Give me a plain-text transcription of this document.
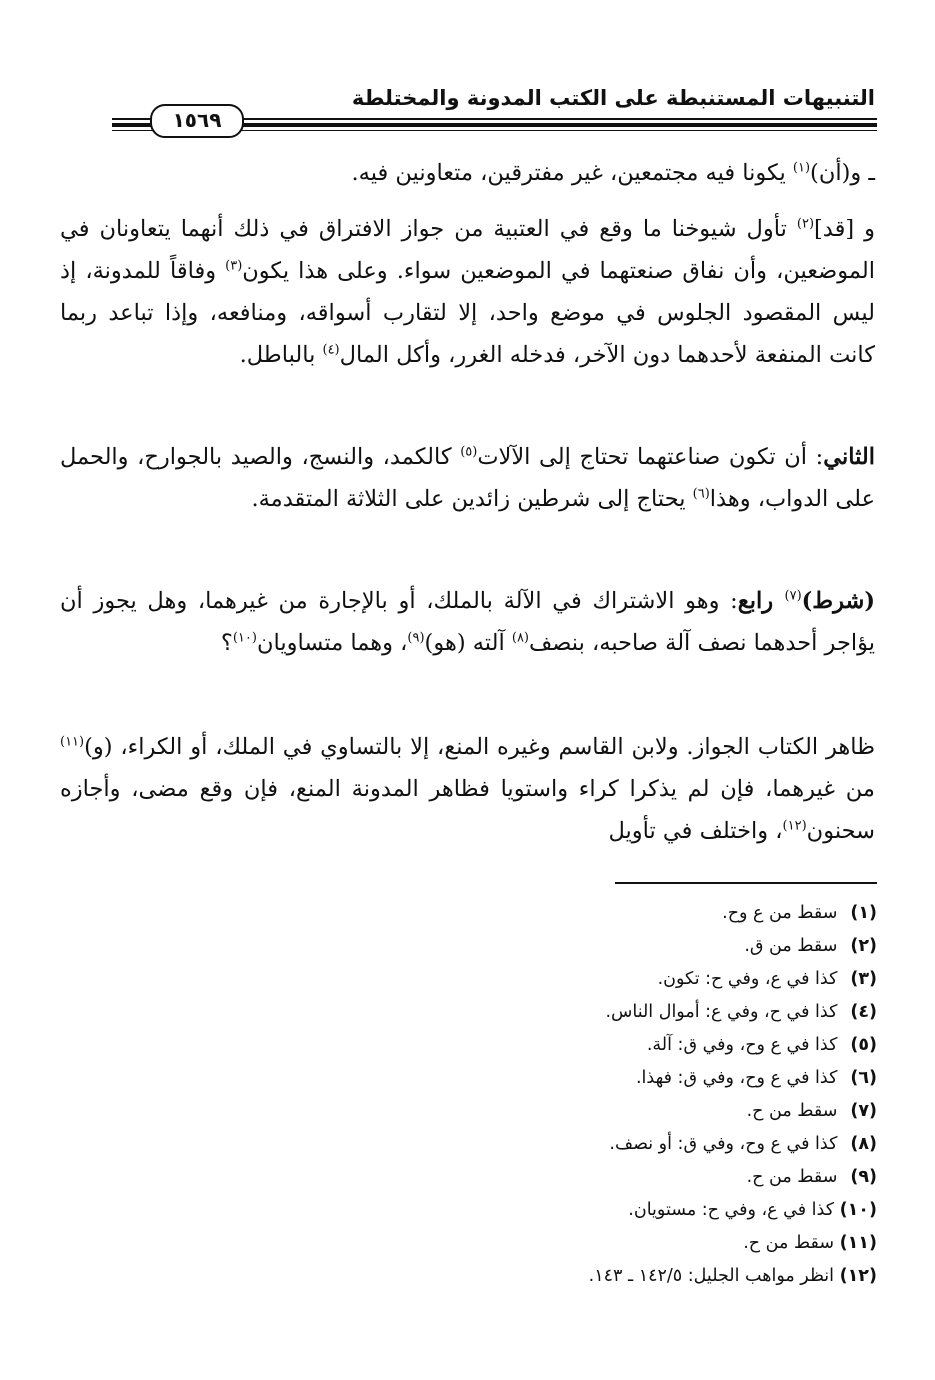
التنبيهات المستنبطة على الكتب المدونة والمختلطة
١٥٦٩

ـ و(أن)$^{(١)}$ يكونا فيه مجتمعين، غير مفترقين، متعاونين فيه.

و [قد]$^{(٢)}$ تأول شيوخنا ما وقع في العتبية من جواز الافتراق في ذلك أنهما يتعاونان في الموضعين، وأن نفاق صنعتهما في الموضعين سواء. وعلى هذا يكون$^{(٣)}$ وفاقاً للمدونة، إذ ليس المقصود الجلوس في موضع واحد، إلا لتقارب أسواقه، ومنافعه، وإذا تباعد ربما كانت المنفعة لأحدهما دون الآخر، فدخله الغرر، وأكل المال$^{(٤)}$ بالباطل.

الثاني: أن تكون صناعتهما تحتاج إلى الآلات$^{(٥)}$ كالكمد، والنسج، والصيد بالجوارح، والحمل على الدواب، وهذا$^{(٦)}$ يحتاج إلى شرطين زائدين على الثلاثة المتقدمة.

(شرط)$^{(٧)}$ رابع: وهو الاشتراك في الآلة بالملك، أو بالإجارة من غيرهما، وهل يجوز أن يؤاجر أحدهما نصف آلة صاحبه، بنصف$^{(٨)}$ آلته (هو)$^{(٩)}$، وهما متساويان$^{(١٠)}$؟

ظاهر الكتاب الجواز. ولابن القاسم وغيره المنع، إلا بالتساوي في الملك، أو الكراء، (و)$^{(١١)}$ من غيرهما، فإن لم يذكرا كراء واستويا فظاهر المدونة المنع، فإن وقع مضى، وأجازه سحنون$^{(١٢)}$، واختلف في تأويل

(١) سقط من ع وح.
(٢) سقط من ق.
(٣) كذا في ع، وفي ح: تكون.
(٤) كذا في ح، وفي ع: أموال الناس.
(٥) كذا في ع وح، وفي ق: آلة.
(٦) كذا في ع وح، وفي ق: فهذا.
(٧) سقط من ح.
(٨) كذا في ع وح، وفي ق: أو نصف.
(٩) سقط من ح.
(١٠) كذا في ع، وفي ح: مستويان.
(١١) سقط من ح.
(١٢) انظر مواهب الجليل: ١٤٢/٥ ـ ١٤٣.
